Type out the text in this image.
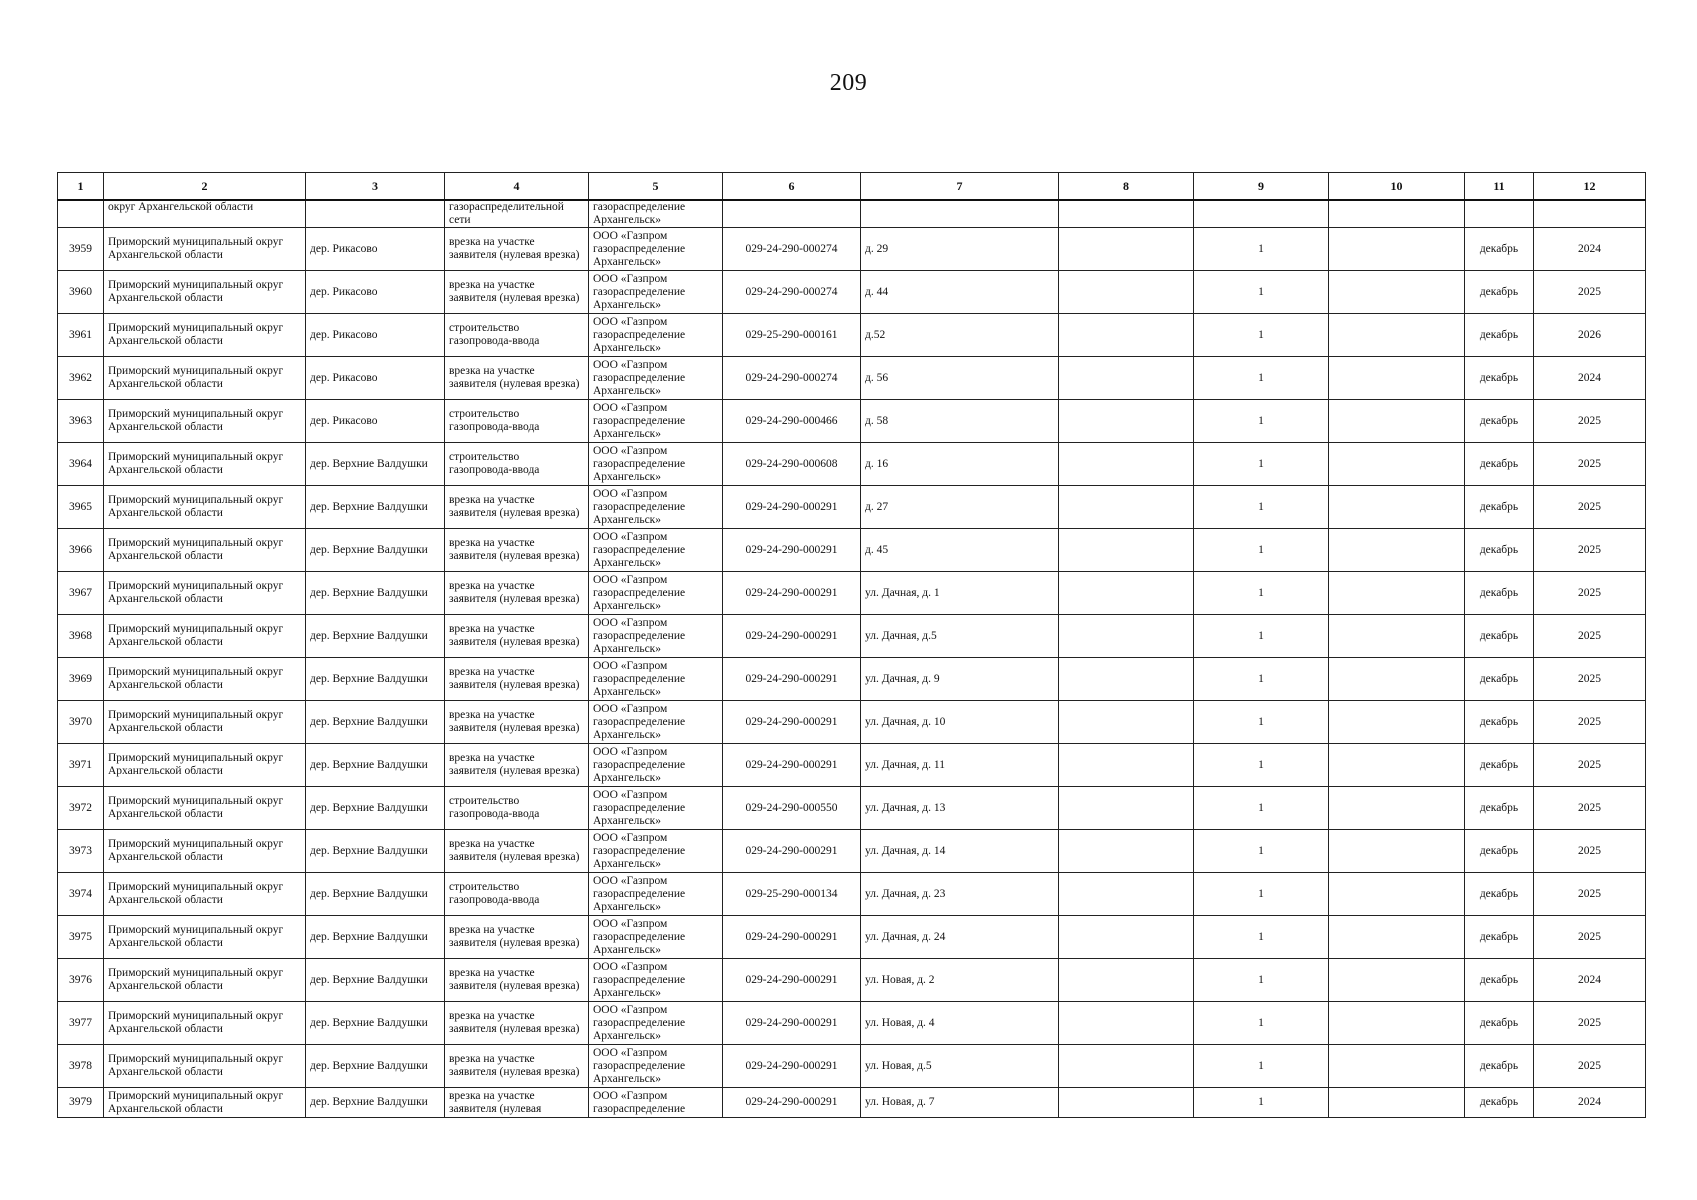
209
1	2	3	4	5	6	7	8	9	10	11	12
	округ Архангельской области		газораспределительной сети	газораспределение Архангельск»							

3959	Приморский муниципальный округ Архангельской области	дер. Рикасово	врезка на участке заявителя (нулевая врезка)	ООО «Газпром газораспределение Архангельск»	029-24-290-000274	д. 29		1		декабрь	2024

3960	Приморский муниципальный округ Архангельской области	дер. Рикасово	врезка на участке заявителя (нулевая врезка)	ООО «Газпром газораспределение Архангельск»	029-24-290-000274	д. 44		1		декабрь	2025

3961	Приморский муниципальный округ Архангельской области	дер. Рикасово	строительство газопровода-ввода	ООО «Газпром газораспределение Архангельск»	029-25-290-000161	д.52		1		декабрь	2026

3962	Приморский муниципальный округ Архангельской области	дер. Рикасово	врезка на участке заявителя (нулевая врезка)	ООО «Газпром газораспределение Архангельск»	029-24-290-000274	д. 56		1		декабрь	2024

3963	Приморский муниципальный округ Архангельской области	дер. Рикасово	строительство газопровода-ввода	ООО «Газпром газораспределение Архангельск»	029-24-290-000466	д. 58		1		декабрь	2025

3964	Приморский муниципальный округ Архангельской области	дер. Верхние Валдушки	строительство газопровода-ввода	ООО «Газпром газораспределение Архангельск»	029-24-290-000608	д. 16		1		декабрь	2025

3965	Приморский муниципальный округ Архангельской области	дер. Верхние Валдушки	врезка на участке заявителя (нулевая врезка)	ООО «Газпром газораспределение Архангельск»	029-24-290-000291	д. 27		1		декабрь	2025

3966	Приморский муниципальный округ Архангельской области	дер. Верхние Валдушки	врезка на участке заявителя (нулевая врезка)	ООО «Газпром газораспределение Архангельск»	029-24-290-000291	д. 45		1		декабрь	2025

3967	Приморский муниципальный округ Архангельской области	дер. Верхние Валдушки	врезка на участке заявителя (нулевая врезка)	ООО «Газпром газораспределение Архангельск»	029-24-290-000291	ул. Дачная, д. 1		1		декабрь	2025

3968	Приморский муниципальный округ Архангельской области	дер. Верхние Валдушки	врезка на участке заявителя (нулевая врезка)	ООО «Газпром газораспределение Архангельск»	029-24-290-000291	ул. Дачная, д.5		1		декабрь	2025

3969	Приморский муниципальный округ Архангельской области	дер. Верхние Валдушки	врезка на участке заявителя (нулевая врезка)	ООО «Газпром газораспределение Архангельск»	029-24-290-000291	ул. Дачная, д. 9		1		декабрь	2025

3970	Приморский муниципальный округ Архангельской области	дер. Верхние Валдушки	врезка на участке заявителя (нулевая врезка)	ООО «Газпром газораспределение Архангельск»	029-24-290-000291	ул. Дачная, д. 10		1		декабрь	2025

3971	Приморский муниципальный округ Архангельской области	дер. Верхние Валдушки	врезка на участке заявителя (нулевая врезка)	ООО «Газпром газораспределение Архангельск»	029-24-290-000291	ул. Дачная, д. 11		1		декабрь	2025

3972	Приморский муниципальный округ Архангельской области	дер. Верхние Валдушки	строительство газопровода-ввода	ООО «Газпром газораспределение Архангельск»	029-24-290-000550	ул. Дачная, д. 13		1		декабрь	2025

3973	Приморский муниципальный округ Архангельской области	дер. Верхние Валдушки	врезка на участке заявителя (нулевая врезка)	ООО «Газпром газораспределение Архангельск»	029-24-290-000291	ул. Дачная, д. 14		1		декабрь	2025

3974	Приморский муниципальный округ Архангельской области	дер. Верхние Валдушки	строительство газопровода-ввода	ООО «Газпром газораспределение Архангельск»	029-25-290-000134	ул. Дачная, д. 23		1		декабрь	2025

3975	Приморский муниципальный округ Архангельской области	дер. Верхние Валдушки	врезка на участке заявителя (нулевая врезка)	ООО «Газпром газораспределение Архангельск»	029-24-290-000291	ул. Дачная, д. 24		1		декабрь	2025

3976	Приморский муниципальный округ Архангельской области	дер. Верхние Валдушки	врезка на участке заявителя (нулевая врезка)	ООО «Газпром газораспределение Архангельск»	029-24-290-000291	ул. Новая, д. 2		1		декабрь	2024

3977	Приморский муниципальный округ Архангельской области	дер. Верхние Валдушки	врезка на участке заявителя (нулевая врезка)	ООО «Газпром газораспределение Архангельск»	029-24-290-000291	ул. Новая, д. 4		1		декабрь	2025

3978	Приморский муниципальный округ Архангельской области	дер. Верхние Валдушки	врезка на участке заявителя (нулевая врезка)	ООО «Газпром газораспределение Архангельск»	029-24-290-000291	ул. Новая, д.5		1		декабрь	2025

3979	Приморский муниципальный округ Архангельской области	дер. Верхние Валдушки	врезка на участке заявителя (нулевая	ООО «Газпром газораспределение	029-24-290-000291	ул. Новая, д. 7		1		декабрь	2024
